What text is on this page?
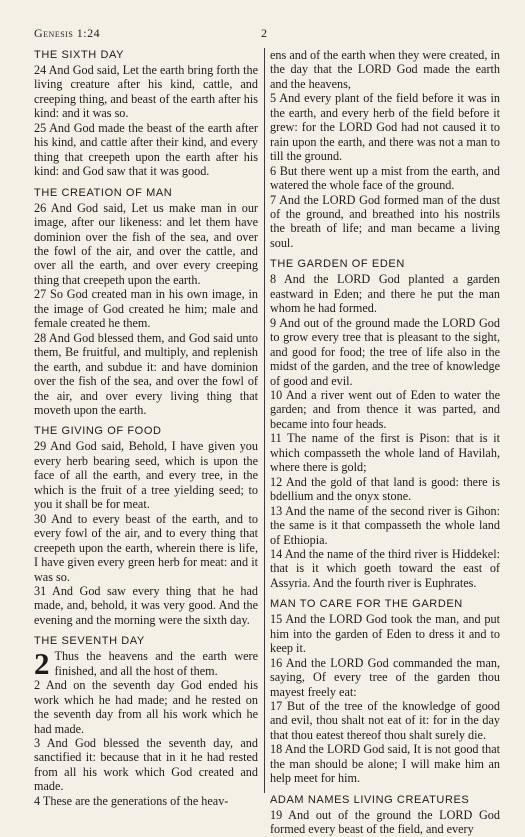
Genesis 1:24	2
THE SIXTH DAY

24 And God said, Let the earth bring forth the living creature after his kind, cattle, and creeping thing, and beast of the earth after his kind: and it was so.

25 And God made the beast of the earth after his kind, and cattle after their kind, and every thing that creepeth upon the earth after his kind: and God saw that it was good.

THE CREATION OF MAN

26 And God said, Let us make man in our image, after our likeness: and let them have dominion over the fish of the sea, and over the fowl of the air, and over the cattle, and over all the earth, and over every creeping thing that creepeth upon the earth.

27 So God created man in his own image, in the image of God created he him; male and female created he them.

28 And God blessed them, and God said unto them, Be fruitful, and multiply, and replenish the earth, and subdue it: and have dominion over the fish of the sea, and over the fowl of the air, and over every living thing that moveth upon the earth.

THE GIVING OF FOOD

29 And God said, Behold, I have given you every herb bearing seed, which is upon the face of all the earth, and every tree, in the which is the fruit of a tree yielding seed; to you it shall be for meat.

30 And to every beast of the earth, and to every fowl of the air, and to every thing that creepeth upon the earth, wherein there is life, I have given every green herb for meat: and it was so.

31 And God saw every thing that he had made, and, behold, it was very good. And the evening and the morning were the sixth day.

THE SEVENTH DAY

2 Thus the heavens and the earth were finished, and all the host of them.

2 And on the seventh day God ended his work which he had made; and he rested on the seventh day from all his work which he had made.

3 And God blessed the seventh day, and sanctified it: because that in it he had rested from all his work which God created and made.

4 These are the generations of the heav-

ens and of the earth when they were created, in the day that the LORD God made the earth and the heavens,

5 And every plant of the field before it was in the earth, and every herb of the field before it grew: for the LORD God had not caused it to rain upon the earth, and there was not a man to till the ground.

6 But there went up a mist from the earth, and watered the whole face of the ground.

7 And the LORD God formed man of the dust of the ground, and breathed into his nostrils the breath of life; and man became a living soul.

THE GARDEN OF EDEN

8 And the LORD God planted a garden eastward in Eden; and there he put the man whom he had formed.

9 And out of the ground made the LORD God to grow every tree that is pleasant to the sight, and good for food; the tree of life also in the midst of the garden, and the tree of knowledge of good and evil.

10 And a river went out of Eden to water the garden; and from thence it was parted, and became into four heads.

11 The name of the first is Pison: that is it which compasseth the whole land of Havilah, where there is gold;

12 And the gold of that land is good: there is bdellium and the onyx stone.

13 And the name of the second river is Gihon: the same is it that compasseth the whole land of Ethiopia.

14 And the name of the third river is Hiddekel: that is it which goeth toward the east of Assyria. And the fourth river is Euphrates.

MAN TO CARE FOR THE GARDEN

15 And the LORD God took the man, and put him into the garden of Eden to dress it and to keep it.

16 And the LORD God commanded the man, saying, Of every tree of the garden thou mayest freely eat:

17 But of the tree of the knowledge of good and evil, thou shalt not eat of it: for in the day that thou eatest thereof thou shalt surely die.

18 And the LORD God said, It is not good that the man should be alone; I will make him an help meet for him.

ADAM NAMES LIVING CREATURES

19 And out of the ground the LORD God formed every beast of the field, and every
